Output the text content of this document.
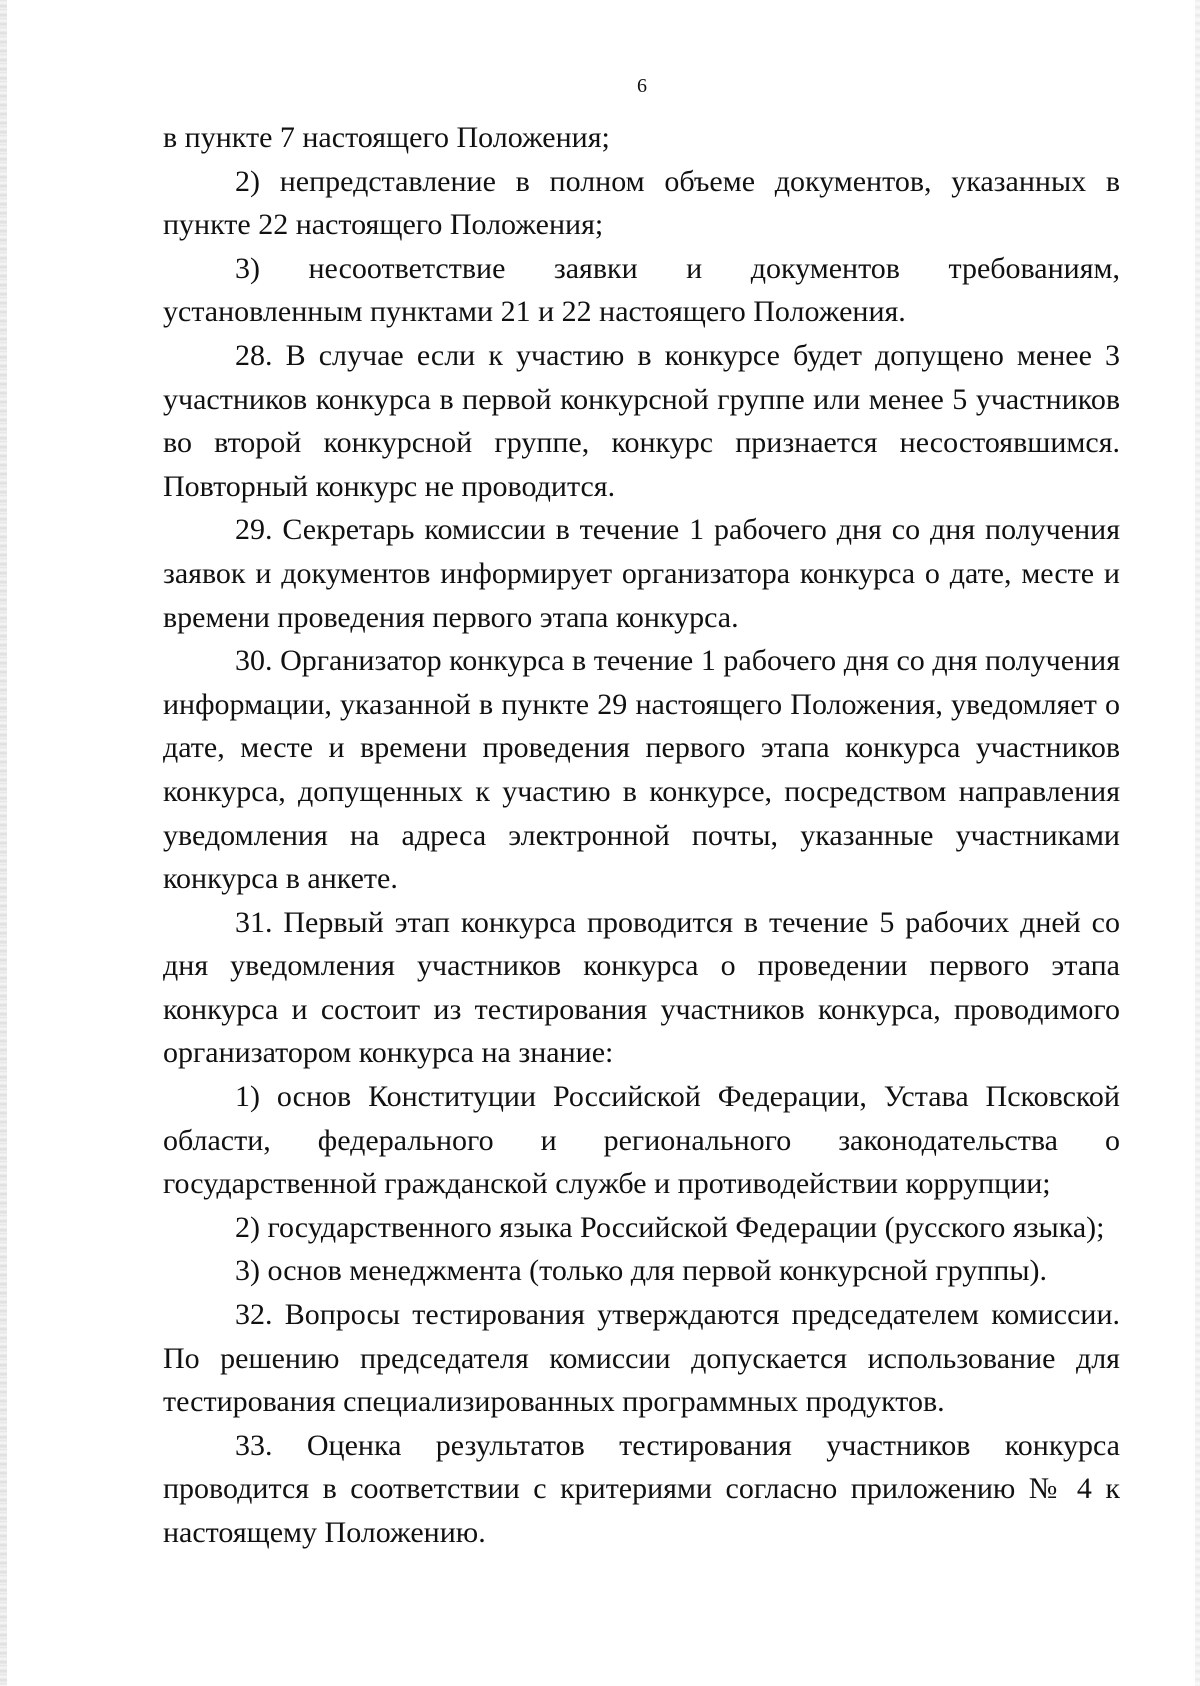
6

в пункте 7 настоящего Положения;

2) непредставление в полном объеме документов, указанных в пункте 22 настоящего Положения;

3) несоответствие заявки и документов требованиям, установленным пунктами 21 и 22 настоящего Положения.

28. В случае если к участию в конкурсе будет допущено менее 3 участников конкурса в первой конкурсной группе или менее 5 участников во второй конкурсной группе, конкурс признается несостоявшимся. Повторный конкурс не проводится.

29. Секретарь комиссии в течение 1 рабочего дня со дня получения заявок и документов информирует организатора конкурса о дате, месте и времени проведения первого этапа конкурса.

30. Организатор конкурса в течение 1 рабочего дня со дня получения информации, указанной в пункте 29 настоящего Положения, уведомляет о дате, месте и времени проведения первого этапа конкурса участников конкурса, допущенных к участию в конкурсе, посредством направления уведомления на адреса электронной почты, указанные участниками конкурса в анкете.

31. Первый этап конкурса проводится в течение 5 рабочих дней со дня уведомления участников конкурса о проведении первого этапа конкурса и состоит из тестирования участников конкурса, проводимого организатором конкурса на знание:

1) основ Конституции Российской Федерации, Устава Псковской области, федерального и регионального законодательства о государственной гражданской службе и противодействии коррупции;

2) государственного языка Российской Федерации (русского языка);

3) основ менеджмента (только для первой конкурсной группы).

32. Вопросы тестирования утверждаются председателем комиссии. По решению председателя комиссии допускается использование для тестирования специализированных программных продуктов.

33. Оценка результатов тестирования участников конкурса проводится в соответствии с критериями согласно приложению № 4 к настоящему Положению.
